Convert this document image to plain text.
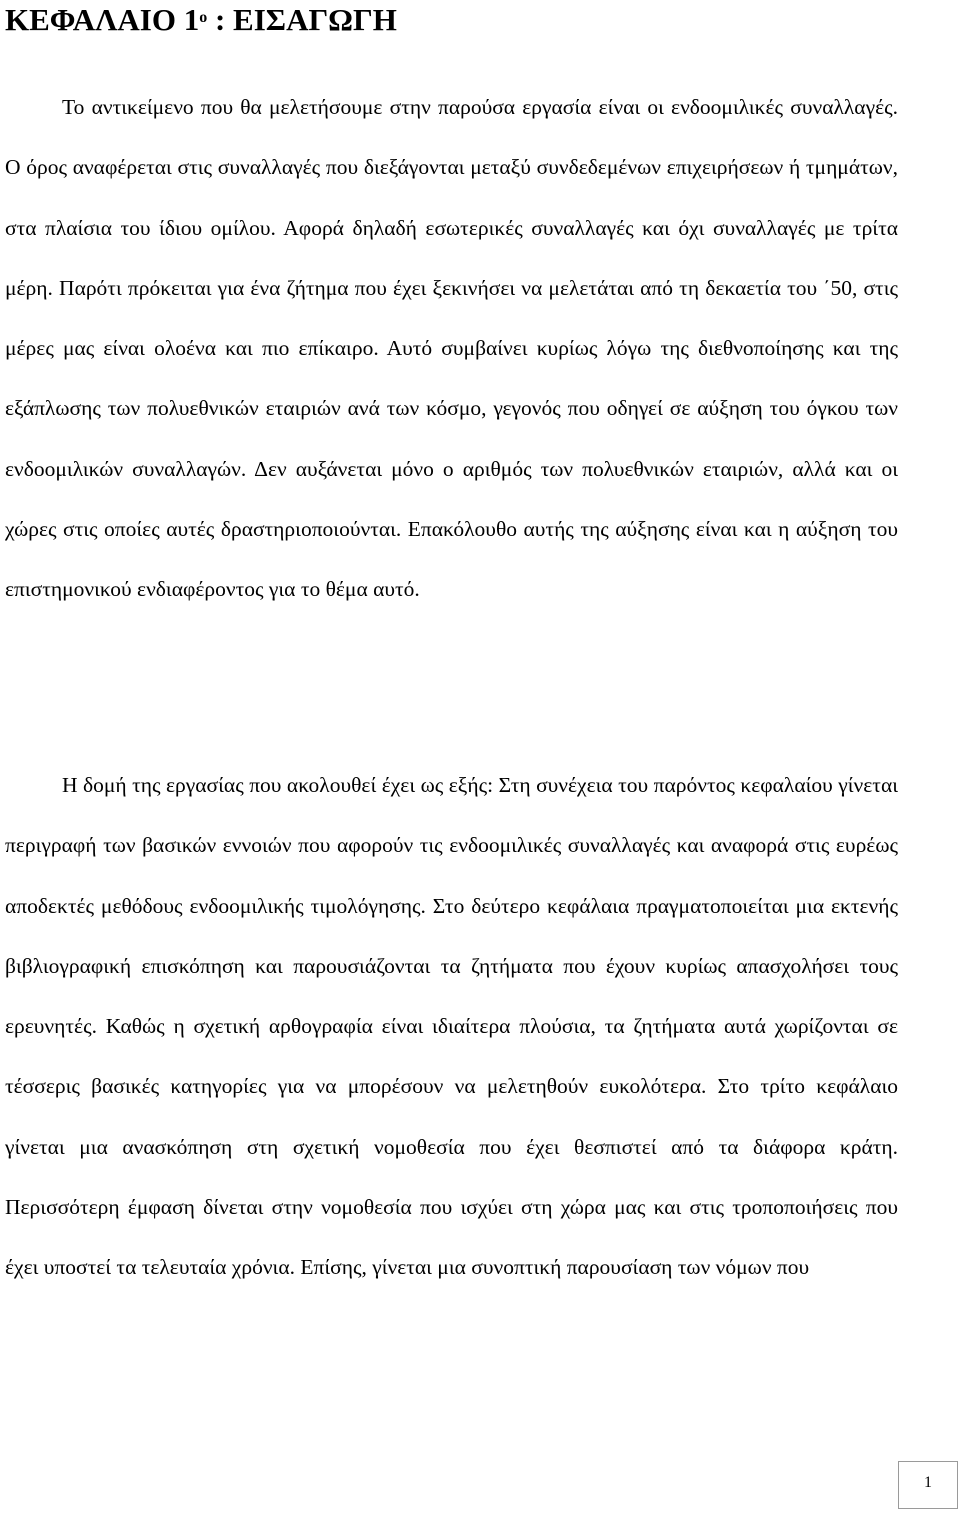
ΚΕΦΑΛΑΙΟ $1^o$ : ΕΙΣΑΓΩΓΗ

Το αντικείμενο που θα μελετήσουμε στην παρούσα εργασία είναι οι ενδοομιλικές συναλλαγές. Ο όρος αναφέρεται στις συναλλαγές που διεξάγονται μεταξύ συνδεδεμένων επιχειρήσεων ή τμημάτων, στα πλαίσια του ίδιου ομίλου. Αφορά δηλαδή εσωτερικές συναλλαγές και όχι συναλλαγές με τρίτα μέρη. Παρότι πρόκειται για ένα ζήτημα που έχει ξεκινήσει να μελετάται από τη δεκαετία του ΄50, στις μέρες μας είναι ολοένα και πιο επίκαιρο. Αυτό συμβαίνει κυρίως λόγω της διεθνοποίησης και της εξάπλωσης των πολυεθνικών εταιριών ανά των κόσμο, γεγονός που οδηγεί σε αύξηση του όγκου των ενδοομιλικών συναλλαγών. Δεν αυξάνεται μόνο ο αριθμός των πολυεθνικών εταιριών, αλλά και οι χώρες στις οποίες αυτές δραστηριοποιούνται. Επακόλουθο αυτής της αύξησης είναι και η αύξηση του επιστημονικού ενδιαφέροντος για το θέμα αυτό.

Η δομή της εργασίας που ακολουθεί έχει ως εξής: Στη συνέχεια του παρόντος κεφαλαίου γίνεται περιγραφή των βασικών εννοιών που αφορούν τις ενδοομιλικές συναλλαγές και αναφορά στις ευρέως αποδεκτές μεθόδους ενδοομιλικής τιμολόγησης. Στο δεύτερο κεφάλαια πραγματοποιείται μια εκτενής βιβλιογραφική επισκόπηση και παρουσιάζονται τα ζητήματα που έχουν κυρίως απασχολήσει τους ερευνητές. Καθώς η σχετική αρθογραφία είναι ιδιαίτερα πλούσια, τα ζητήματα αυτά χωρίζονται σε τέσσερις βασικές κατηγορίες για να μπορέσουν να μελετηθούν ευκολότερα. Στο τρίτο κεφάλαιο γίνεται μια ανασκόπηση στη σχετική νομοθεσία που έχει θεσπιστεί από τα διάφορα κράτη. Περισσότερη έμφαση δίνεται στην νομοθεσία που ισχύει στη χώρα μας και στις τροποποιήσεις που έχει υποστεί τα τελευταία χρόνια. Επίσης, γίνεται μια συνοπτική παρουσίαση των νόμων που

1
